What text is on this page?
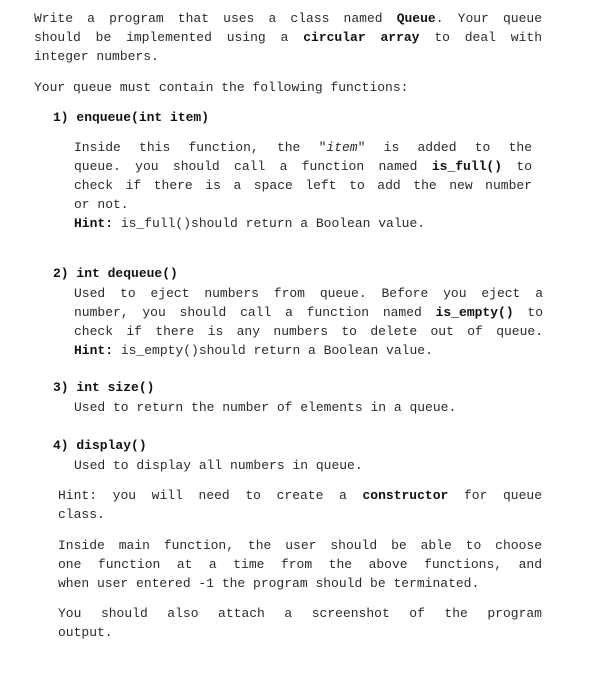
Write a program that uses a class named Queue. Your queue
should be implemented using a circular array to deal with
integer numbers.
Your queue must contain the following functions:
1) enqueue(int item)
Inside this function, the "item" is added to the
queue. you should call a function named is_full() to
check if there is a space left to add the new number
or not.
Hint: is_full()should return a Boolean value.
2) int dequeue()
Used to eject numbers from queue. Before you eject a
number, you should call a function named is_empty() to
check if there is any numbers to delete out of queue.
Hint: is_empty()should return a Boolean value.
3) int size()
Used to return the number of elements in a queue.
4) display()
Used to display all numbers in queue.
Hint: you will need to create a constructor for queue
class.
Inside main function, the user should be able to choose
one function at a time from the above functions, and
when user entered -1 the program should be terminated.
You should also attach a screenshot of the program
output.
